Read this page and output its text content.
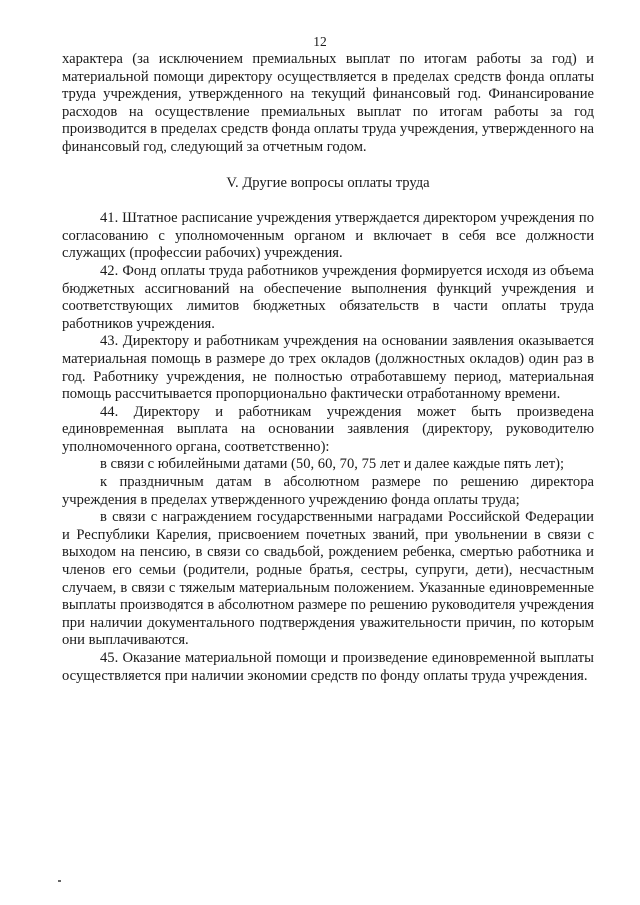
12

характера (за исключением премиальных выплат по итогам работы за год) и материальной помощи директору осуществляется в пределах средств фонда оплаты труда учреждения, утвержденного на текущий финансовый год. Финансирование расходов на осуществление премиальных выплат по итогам работы за год производится в пределах средств фонда оплаты труда учреждения, утвержденного на финансовый год, следующий за отчетным годом.

V. Другие вопросы оплаты труда

41. Штатное расписание учреждения утверждается директором учреждения по согласованию с уполномоченным органом и включает в себя все должности служащих (профессии рабочих) учреждения.

42. Фонд оплаты труда работников учреждения формируется исходя из объема бюджетных ассигнований на обеспечение выполнения функций учреждения и соответствующих лимитов бюджетных обязательств в части оплаты труда работников учреждения.

43. Директору и работникам учреждения на основании заявления оказывается материальная помощь в размере до трех окладов (должностных окладов) один раз в год. Работнику учреждения, не полностью отработавшему период, материальная помощь рассчитывается пропорционально фактически отработанному времени.

44. Директору и работникам учреждения может быть произведена единовременная выплата на основании заявления (директору, руководителю уполномоченного органа, соответственно):

в связи с юбилейными датами (50, 60, 70, 75 лет и далее каждые пять лет);

к праздничным датам в абсолютном размере по решению директора учреждения в пределах утвержденного учреждению фонда оплаты труда;

в связи с награждением государственными наградами Российской Федерации и Республики Карелия, присвоением почетных званий, при увольнении в связи с выходом на пенсию, в связи со свадьбой, рождением ребенка, смертью работника и членов его семьи (родители, родные братья, сестры, супруги, дети), несчастным случаем, в связи с тяжелым материальным положением. Указанные единовременные выплаты производятся в абсолютном размере по решению руководителя учреждения при наличии документального подтверждения уважительности причин, по которым они выплачиваются.

45. Оказание материальной помощи и произведение единовременной выплаты осуществляется при наличии экономии средств по фонду оплаты труда учреждения.
